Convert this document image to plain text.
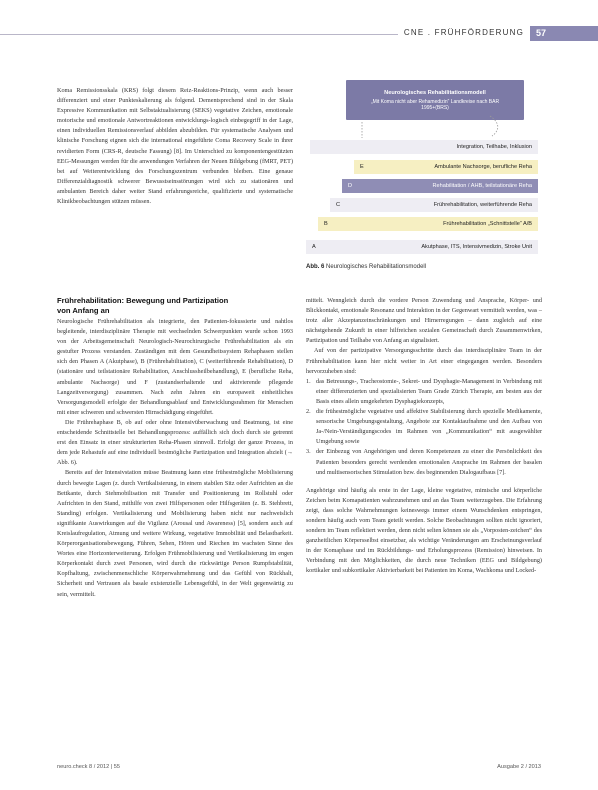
CNE . FRÜHFÖRDERUNG	57

Koma Remissionsskala (KRS) folgt diesem Reiz-Reaktions-Prinzip, wenn auch besser differenziert und einer Punkteskalierung als folgend. Dementsprechend sind in der Skala Expressive Kommunikation mit Selbstaktualisierung (SEKS) vegetative Zeichen, emotionale motorische und emotionale Antwortreaktionen entwicklungs-logisch einbegegriff in der Lage, einen individuellen Remissionsverlauf abbilden abzubilden. Für systematische Analysen und klinische Forschung eignen sich die international eingeführte Coma Recovery Scale in ihrer revidierten Form (CRS-R, deutsche Fassung) [8]. Im Unterschied zu komponentengestützten EEG-Messungen werden für die anwendungen Verfahren der Neuen Bildgebung (fMRT, PET) bei auf Weiterentwicklung des Forschungszentrum verbunden bleiben. Eine genaue Differenzialdiagnostik schwerer Bewusstseinsstörungen wird sich zu stationären und ambulanten Bereich daher weiter Stand erfahrungsreiche, qualifizierte und systematische Klinikbeobachtungen stützen müssen.

Neurologisches Rehabilitationsmodell
„Mit Koma nicht aber Rehamedizin“ Landkreise nach BAR 1995+(BRS)
Integration, Teilhabe, Inklusion
E	Ambulante Nachsorge, berufliche Reha
D	Rehabilitation / AHB, teilstationäre Reha
C	Frührehabilitation, weiterführende Reha
B	Frührehabilitation „Schnittstelle“ A/B
A	Akutphase, ITS, Intensivmedizin, Stroke Unit
Abb. 6 Neurologisches Rehabilitationsmodell

Frührehabilitation: Bewegung und Partizipation

von Anfang an

Neurologische Frührehabilitation als integrierte, den Patienten-fokussierte und nahtlos begleitende, interdisziplinäre Therapie mit wechselnden Schwerpunkten wurde schon 1993 von der Arbeitsgemeinschaft Neurologisch-Neurochirurgische Frührehabilitation als ein gestufter Prozess verstanden. Zuständigen mit dem Gesundheitssystem Rehaphasen stellen sich den Phasen A (Akutphase), B (Frührehabilitation), C (weiterführende Rehabilitation), D (stationäre und teilstationäre Rehabilitation, Anschlussheilbehandlung), E (berufliche Reha, ambulante Nachsorge) und F (zustandserhaltende und aktivierende pflegende Langzeitversorgung) zusammen. Nach zehn Jahren ein europaweit einheitliches Versorgungsmodell erfolgte der Behandlungsablauf und Entwicklungsrahmen für Menschen mit einer schweren und schwersten Hirnschädigung eingeführt.

Die Frührehaphase B, ob auf oder ohne Intensivüberwachung und Beatmung, ist eine entscheidende Schnittstelle bei Behandlungsprozess: auffällich sich doch durch sie getrennt erst den Einsatz in einer strukturierten Reha-Phasen sinnvoll. Erfolgt der ganze Prozess, in dem jede Rehastufe auf eine individuell bestmögliche Partizipation und Integration abzielt (→ Abb. 6).

Bereits auf der Intensivstation müsse Beatmung kann eine frühestmögliche Mobilisierung durch bewegte Lagen (z. durch Vertikalisierung, in einem stabilen Sitz oder Aufrichten an die Bettkante, durch Stehmobilisation mit Transfer und Positionierung im Rollstuhl oder Aufrichten in den Stand, mithilfe von zwei Hilfspersonen oder Hilfsgeräten (z. B. Stehbrett, Standing) erfolgen. Vertikalisierung und Mobilisierung haben nicht nur nachweislich signifikante Auswirkungen auf die Vigilanz (Arousal und Awareness) [5], sondern auch auf Kreislaufregulation, Atmung und weitere Wirkung, vegetative Immobilität und Belastbarkeit. Körperorganisationsbewegung, Führen, Sehen, Hören und Riechen im wachsten Sinne des Wortes eine Horizonterweiterung. Erfolgen Frühmobilisierung und Vertikalisierung im engen Körperkontakt durch zwei Personen, wird durch die rückwärtige Person Rumpfstabilität, Kopfhaltung, zwischenmenschliche Körperwahrnehmung und das Gefühl von Rückhalt, Sicherheit und Vertrauen als basale existenzielle Lebensgefühl, in der Welt gegenwärtig zu sein, vermittelt.

mittelt. Wenngleich durch die vordere Person Zuwendung und Ansprache, Körper- und Blickkontakt, emotionale Resonanz und Interaktion in der Gegenwart vermittelt werden, was – trotz aller Akzeptanzeinschränkungen und Hirnerregungen – dann zugleich auf eine nächstgehende Zukunft in einer hilfreichen sozialen Gemeinschaft durch Zusammenwirken, Partizipation und Teilhabe von Anfang an signalisiert.

Auf von der partizipative Versorgungsschritte durch das interdisziplinäre Team in der Frührehabilitation kann hier nicht weiter in Art einer eingegangen werden. Besonders hervorzuheben sind:

1. das Betreuungs-, Tracheostomie-, Sekret- und Dysphagie-Management in Verbindung mit einer differenzierten und spezialisierten Team Grade Zürich Therapie, am besten aus der Basis eines allein umgekehrten Dysphagiekonzepts,
2. die frühestmögliche vegetative und affektive Stabilisierung durch spezielle Medikamente, sensorische Umgebungsgestaltung, Angebote zur Kontaktaufnahme und den Aufbau von Ja-/Nein-Verständigungscodes im Rahmen von „Kommunikation“ mit ausgewählter Umgebung sowie
3. der Einbezug von Angehörigen und deren Kompetenzen zu einer die Persönlichkeit des Patienten besonders gerecht werdenden emotionalen Ansprache im Rahmen der basalen und multisensorischen Stimulation bzw. des beginnenden Dialogaufbaus [7].

Angehörige sind häufig als erste in der Lage, kleine vegetative, mimische und körperliche Zeichen beim Komapatienten wahrzunehmen und an das Team weiterzugeben. Die Erfahrung zeigt, dass solche Wahrnehmungen keineswegs immer einem Wunschdenken entspringen, sondern häufig auch vom Team geteilt werden. Solche Beobachtungen sollten nicht ignoriert, sondern im Team reflektiert werden, denn nicht selten können sie als „Vorposten-zeichen“ des ganzheitlichen Körpersselbst einsetzbar, als wichtige Veränderungen am Erscheinungsverlauf in der Komaphase und im Rückbildungs- und Erholungsprozess (Remission) hinweisen. In Verbindung mit den Möglichkeiten, die durch neue Techniken (EEG und Bildgebung) kortikaler und subkortikaler Aktivierbarkeit bei Patienten im Koma, Wachkoma und Locked-

neuro.check 8 / 2012 | 55	Ausgabe 2 / 2013
